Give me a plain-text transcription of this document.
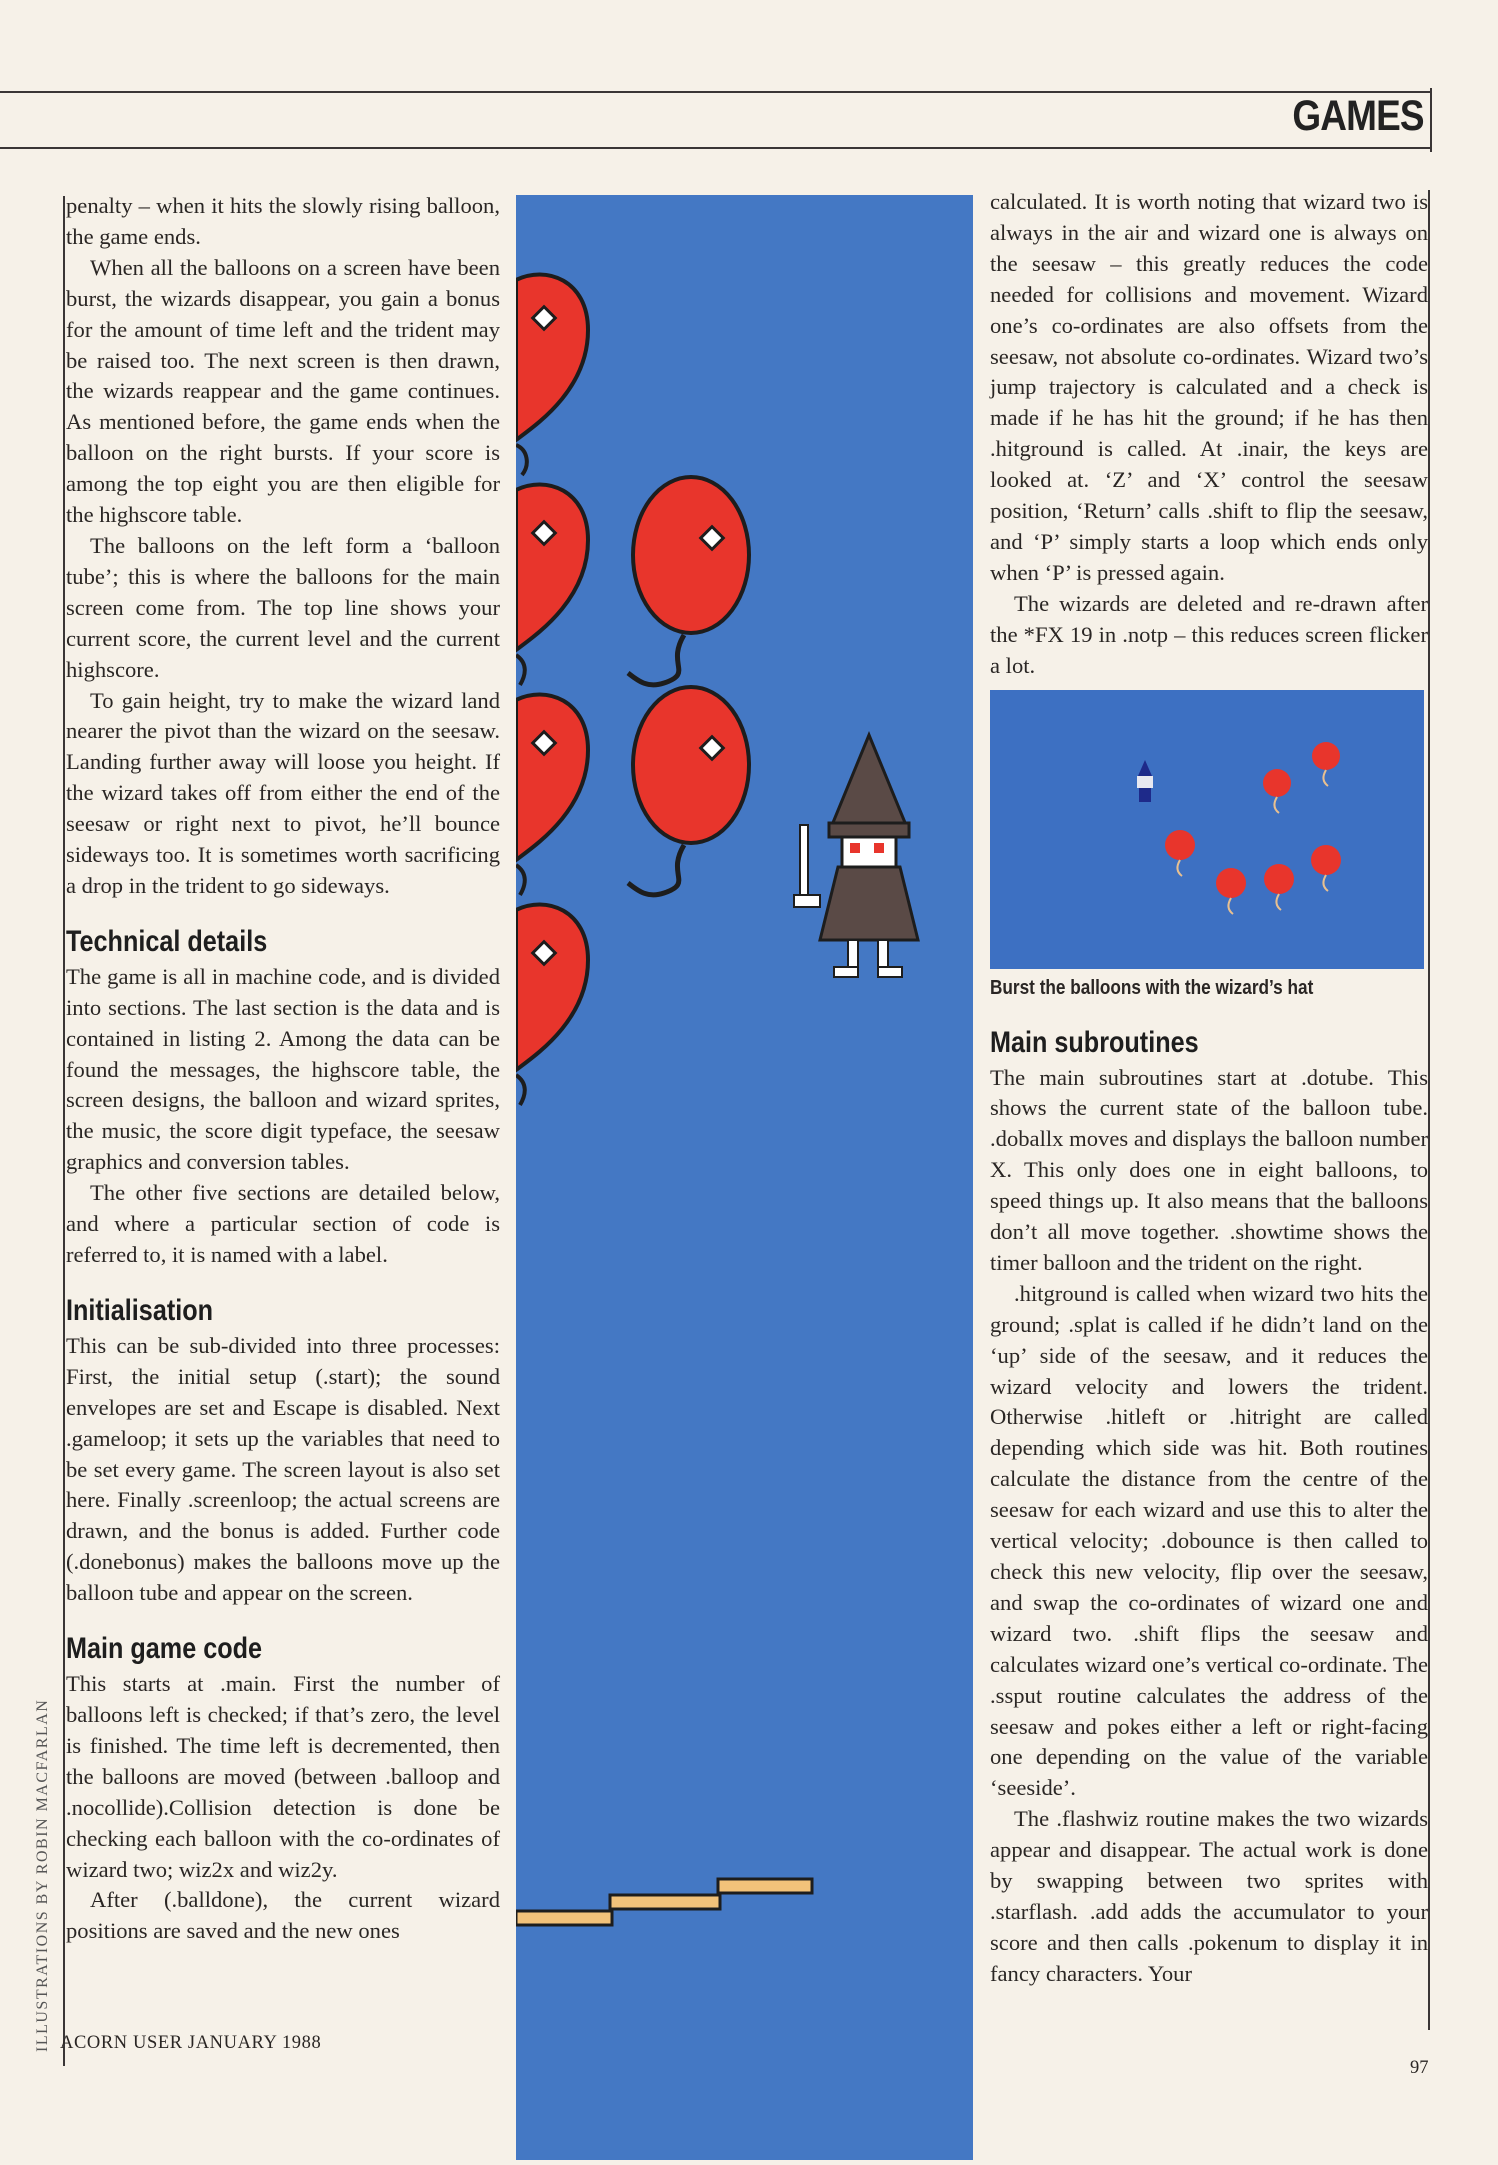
GAMES

penalty – when it hits the slowly rising balloon, the game ends.

When all the balloons on a screen have been burst, the wizards disappear, you gain a bonus for the amount of time left and the trident may be raised too. The next screen is then drawn, the wizards reappear and the game continues. As mentioned before, the game ends when the balloon on the right bursts. If your score is among the top eight you are then eligible for the highscore table.

The balloons on the left form a ‘balloon tube’; this is where the balloons for the main screen come from. The top line shows your current score, the current level and the current highscore.

To gain height, try to make the wizard land nearer the pivot than the wizard on the seesaw. Landing further away will loose you height. If the wizard takes off from either the end of the seesaw or right next to pivot, he’ll bounce sideways too. It is sometimes worth sacrificing a drop in the trident to go sideways.

Technical details

The game is all in machine code, and is divided into sections. The last section is the data and is contained in listing 2. Among the data can be found the messages, the highscore table, the screen designs, the balloon and wizard sprites, the music, the score digit typeface, the seesaw graphics and conversion tables.

The other five sections are detailed below, and where a particular section of code is referred to, it is named with a label.

Initialisation

This can be sub-divided into three processes: First, the initial setup (.start); the sound envelopes are set and Escape is disabled. Next .gameloop; it sets up the variables that need to be set every game. The screen layout is also set here. Finally .screenloop; the actual screens are drawn, and the bonus is added. Further code (.donebonus) makes the balloons move up the balloon tube and appear on the screen.

Main game code

This starts at .main. First the number of balloons left is checked; if that’s zero, the level is finished. The time left is decremented, then the balloons are moved (between .balloop and .nocollide).Collision detection is done be checking each balloon with the co-ordinates of wizard two; wiz2x and wiz2y.

After (.balldone), the current wizard positions are saved and the new ones

calculated. It is worth noting that wizard two is always in the air and wizard one is always on the seesaw – this greatly reduces the code needed for collisions and movement. Wizard one’s co-ordinates are also offsets from the seesaw, not absolute co-ordinates. Wizard two’s jump trajectory is calculated and a check is made if he has hit the ground; if he has then .hitground is called. At .inair, the keys are looked at. ‘Z’ and ‘X’ control the seesaw position, ‘Return’ calls .shift to flip the seesaw, and ‘P’ simply starts a loop which ends only when ‘P’ is pressed again.

The wizards are deleted and re-drawn after the *FX 19 in .notp – this reduces screen flicker a lot.

Burst the balloons with the wizard’s hat
Main subroutines

The main subroutines start at .dotube. This shows the current state of the balloon tube. .doballx moves and displays the balloon number X. This only does one in eight balloons, to speed things up. It also means that the balloons don’t all move together. .showtime shows the timer balloon and the trident on the right.

.hitground is called when wizard two hits the ground; .splat is called if he didn’t land on the ‘up’ side of the seesaw, and it reduces the wizard velocity and lowers the trident. Otherwise .hitleft or .hitright are called depending which side was hit. Both routines calculate the distance from the centre of the seesaw for each wizard and use this to alter the vertical velocity; .dobounce is then called to check this new velocity, flip over the seesaw, and swap the co-ordinates of wizard one and wizard two. .shift flips the seesaw and calculates wizard one’s vertical co-ordinate. The .ssput routine calculates the address of the seesaw and pokes either a left or right-facing one depending on the value of the variable ‘seeside’.

The .flashwiz routine makes the two wizards appear and disappear. The actual work is done by swapping between two sprites with .starflash. .add adds the accumulator to your score and then calls .pokenum to display it in fancy characters. Your

ILLUSTRATIONS BY ROBIN MACFARLAN ACORN USER JANUARY 1988
97
